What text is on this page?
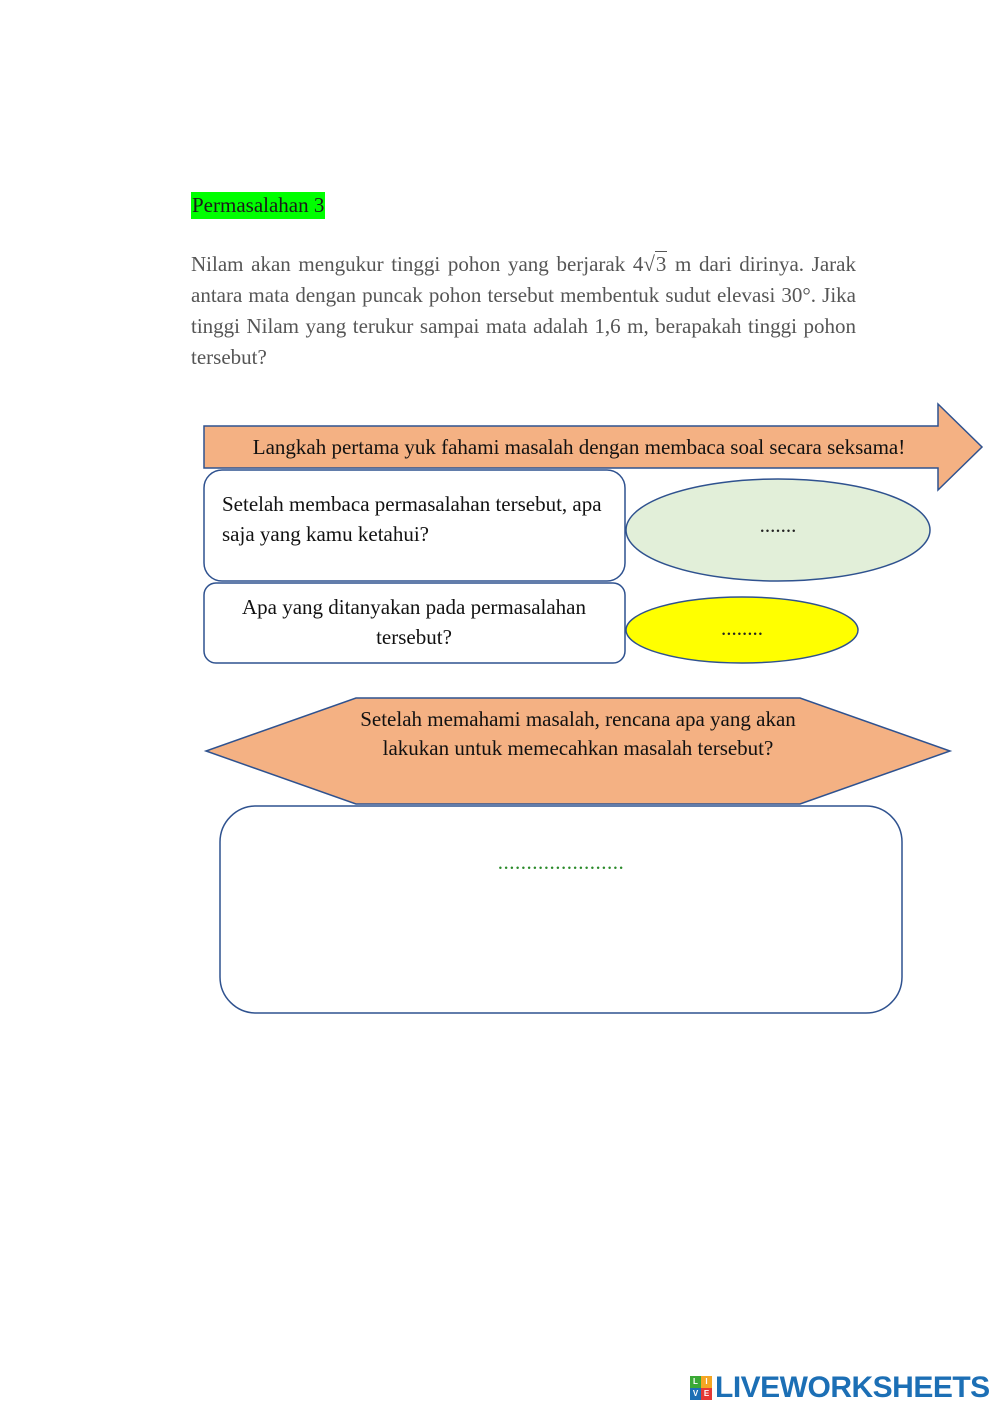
Permasalahan 3

Nilam akan mengukur tinggi pohon yang berjarak 4√3 m dari dirinya. Jarak antara mata dengan puncak pohon tersebut membentuk sudut elevasi 30°. Jika tinggi Nilam yang terukur sampai mata adalah 1,6 m, berapakah tinggi pohon tersebut?

Langkah pertama yuk fahami masalah dengan membaca soal secara seksama!
Setelah membaca permasalahan tersebut, apa saja yang kamu ketahui?	.......
Apa yang ditanyakan pada permasalahan tersebut?	........
Setelah memahami masalah, rencana apa yang akan lakukan untuk memecahkan masalah tersebut?
......................
L I
V E LIVEWORKSHEETS
